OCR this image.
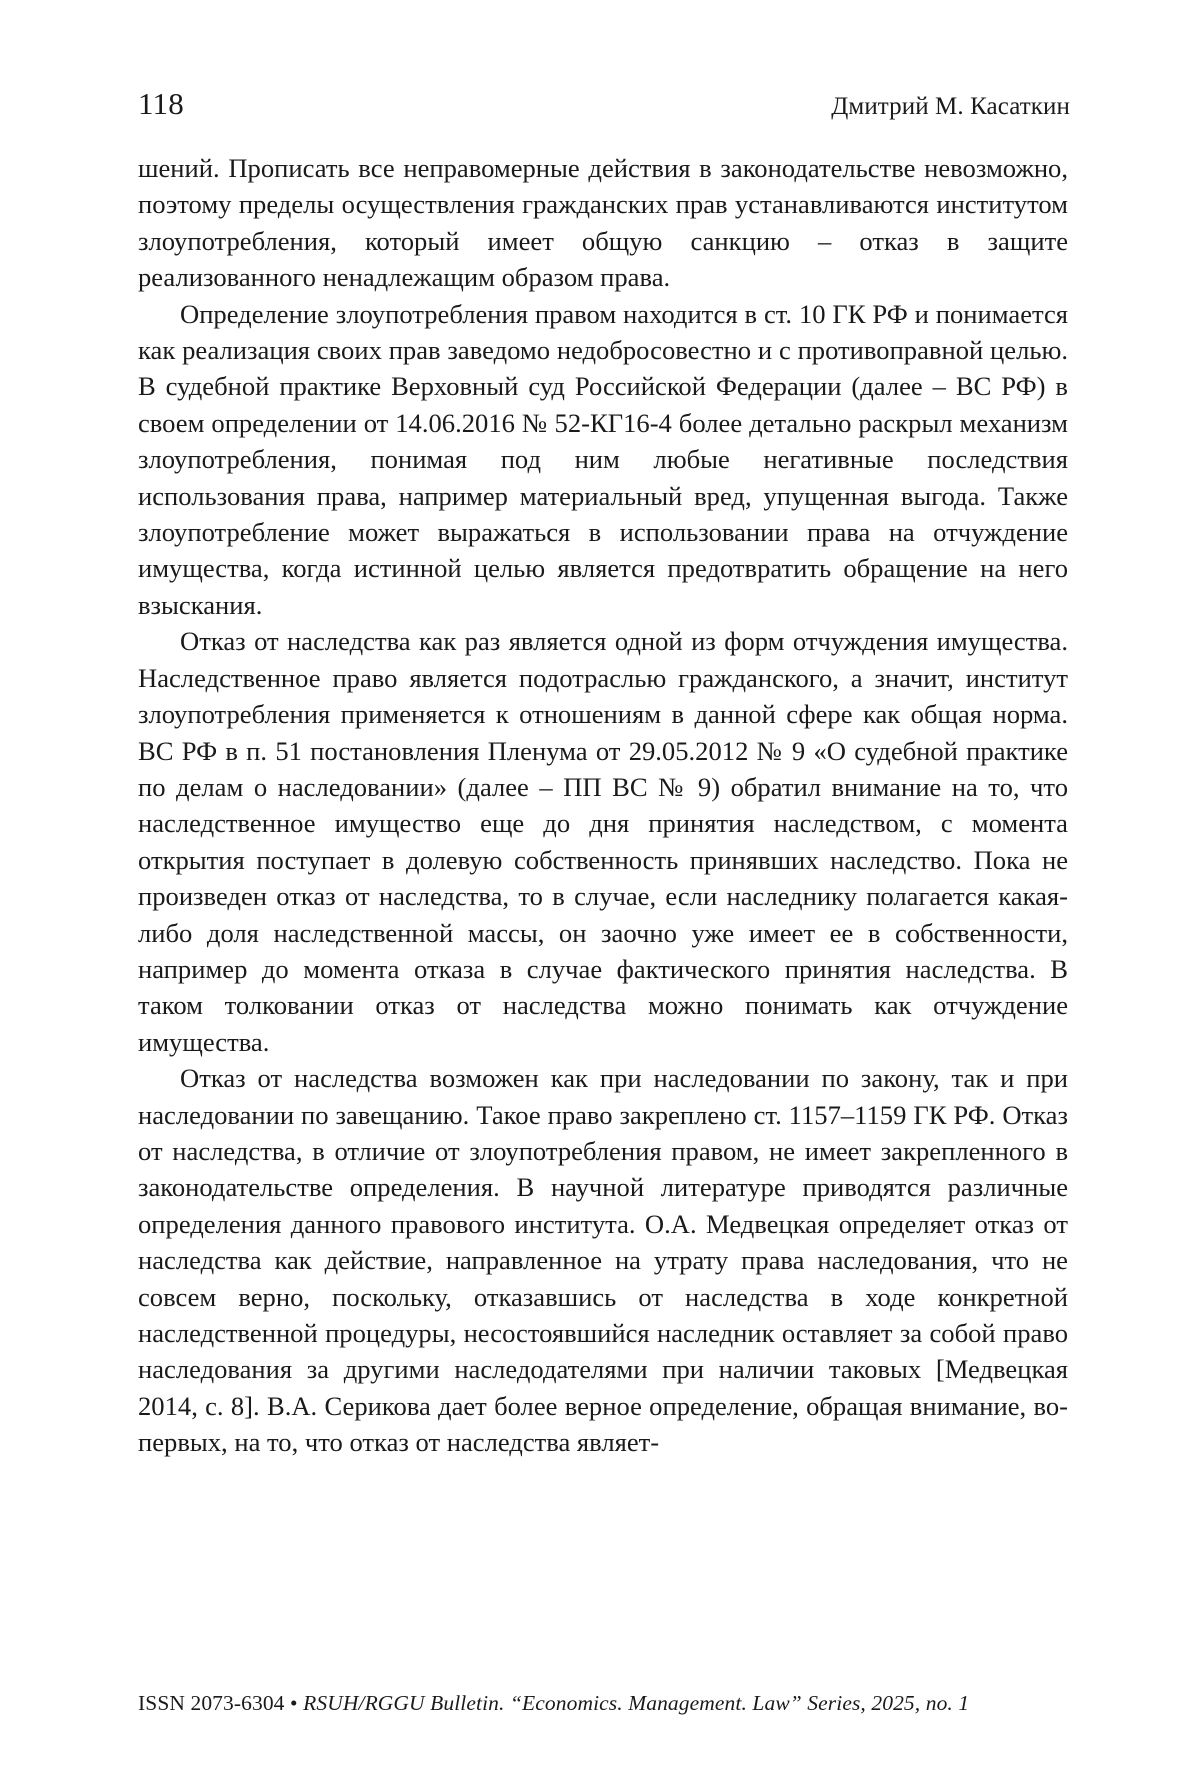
118	Дмитрий М. Касаткин

шений. Прописать все неправомерные действия в законодательстве невозможно, поэтому пределы осуществления гражданских прав устанавливаются институтом злоупотребления, который имеет общую санкцию – отказ в защите реализованного ненадлежащим образом права.

Определение злоупотребления правом находится в ст. 10 ГК РФ и понимается как реализация своих прав заведомо недобросовестно и с противоправной целью. В судебной практике Верховный суд Российской Федерации (далее – ВС РФ) в своем определении от 14.06.2016 № 52-КГ16-4 более детально раскрыл механизм злоупотребления, понимая под ним любые негативные последствия использования права, например материальный вред, упущенная выгода. Также злоупотребление может выражаться в использовании права на отчуждение имущества, когда истинной целью является предотвратить обращение на него взыскания.

Отказ от наследства как раз является одной из форм отчуждения имущества. Наследственное право является подотраслью гражданского, а значит, институт злоупотребления применяется к отношениям в данной сфере как общая норма. ВС РФ в п. 51 постановления Пленума от 29.05.2012 № 9 «О судебной практике по делам о наследовании» (далее – ПП ВС № 9) обратил внимание на то, что наследственное имущество еще до дня принятия наследством, с момента открытия поступает в долевую собственность принявших наследство. Пока не произведен отказ от наследства, то в случае, если наследнику полагается какая-либо доля наследственной массы, он заочно уже имеет ее в собственности, например до момента отказа в случае фактического принятия наследства. В таком толковании отказ от наследства можно понимать как отчуждение имущества.

Отказ от наследства возможен как при наследовании по закону, так и при наследовании по завещанию. Такое право закреплено ст. 1157–1159 ГК РФ. Отказ от наследства, в отличие от злоупотребления правом, не имеет закрепленного в законодательстве определения. В научной литературе приводятся различные определения данного правового института. О.А. Медвецкая определяет отказ от наследства как действие, направленное на утрату права наследования, что не совсем верно, поскольку, отказавшись от наследства в ходе конкретной наследственной процедуры, несостоявшийся наследник оставляет за собой право наследования за другими наследодателями при наличии таковых [Медвецкая 2014, с. 8]. В.А. Серикова дает более верное определение, обращая внимание, во-первых, на то, что отказ от наследства являет-

ISSN 2073-6304 • RSUH/RGGU Bulletin. “Economics. Management. Law” Series, 2025, no. 1
